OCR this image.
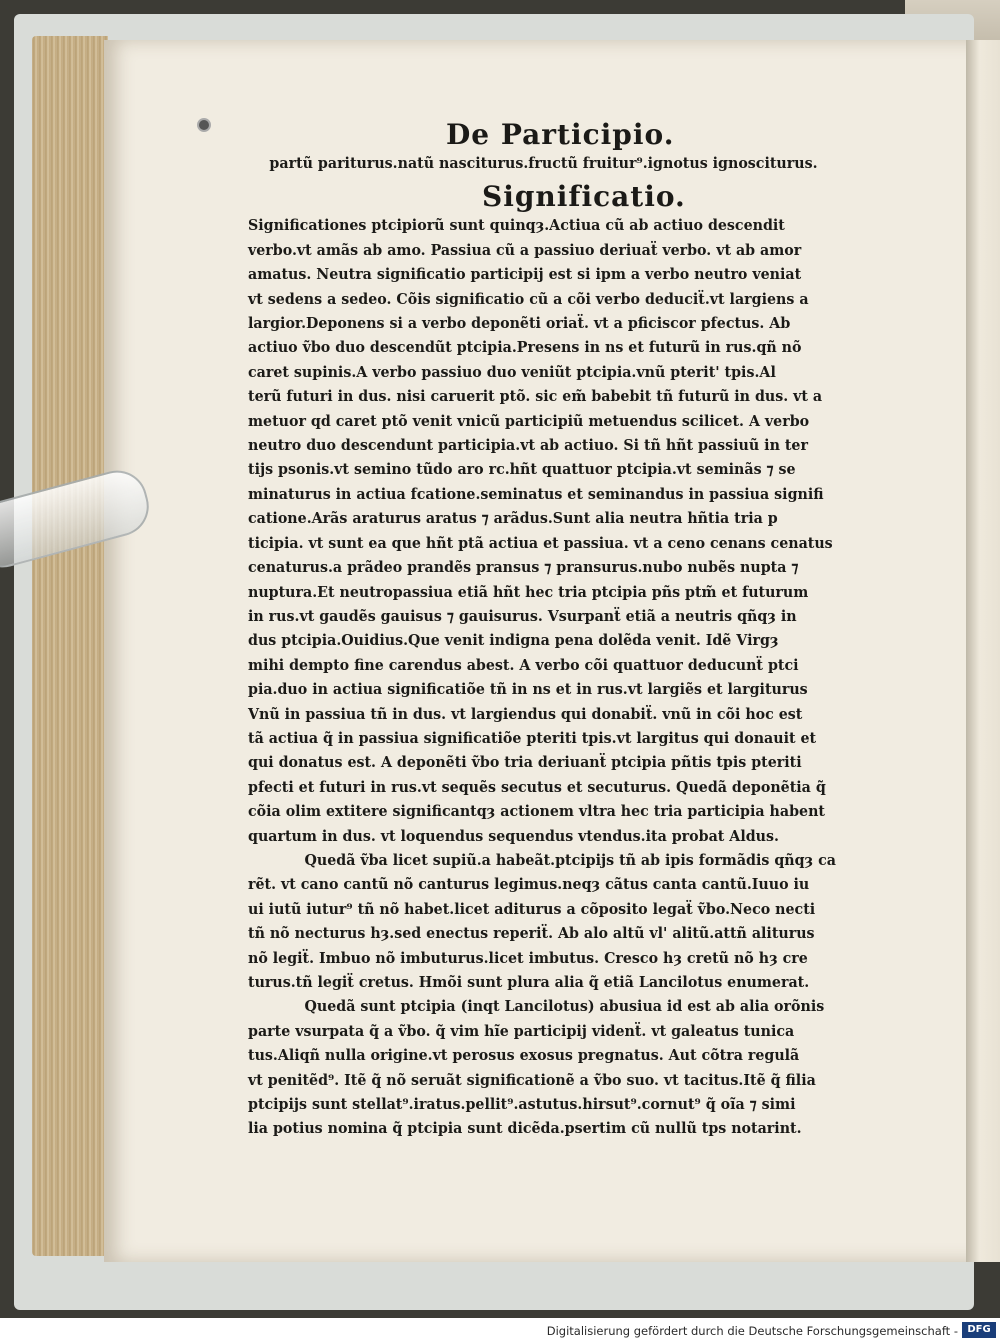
De Participio.
partũ pariturus.natũ nasciturus.fructũ fruitur⁹.ignotus ignosciturus.
Significatio.
Significationes ptcipiorũ sunt quinqȝ.Actiua cũ ab actiuo descendit
verbo.vt amãs ab amo. Passiua cũ a passiuo deriuaẗ verbo. vt ab amor
amatus. Neutra significatio participij est si ipm a verbo neutro veniat
vt sedens a sedeo. Cõis significatio cũ a cõi verbo deduciẗ.vt largiens a
largior.Deponens si a verbo deponẽti oriaẗ. vt a pficiscor pfectus. Ab
actiuo ṽbo duo descendũt ptcipia.Presens in ns et futurũ in rus.qñ nõ
caret supinis.A verbo passiuo duo veniũt ptcipia.vnũ pterit' tpis.Al
terũ futuri in dus. nisi caruerit ptõ. sic em̃ babebit tñ futurũ in dus. vt a
metuor qd caret ptõ venit vnicũ participiũ metuendus scilicet. A verbo
neutro duo descendunt participia.vt ab actiuo. Si tñ hñt passiuũ in ter
tijs psonis.vt semino tũdo aro rc.hñt quattuor ptcipia.vt seminãs ⁊ se
minaturus in actiua fcatione.seminatus et seminandus in passiua signifi
catione.Arãs araturus aratus ⁊ arãdus.Sunt alia neutra hñtia tria p
ticipia. vt sunt ea que hñt ptã actiua et passiua. vt a ceno cenans cenatus
cenaturus.a prãdeo prandẽs pransus ⁊ pransurus.nubo nubẽs nupta ⁊
nuptura.Et neutropassiua etiã hñt hec tria ptcipia pñs ptm̃ et futurum
in rus.vt gaudẽs gauisus ⁊ gauisurus. Vsurpanẗ etiã a neutris qñqȝ in
dus ptcipia.Ouidius.Que venit indigna pena dolẽda venit. Idẽ Virgȝ
mihi dempto fine carendus abest. A verbo cõi quattuor deducunẗ ptci
pia.duo in actiua significatiõe tñ in ns et in rus.vt largiẽs et largiturus
Vnũ in passiua tñ in dus. vt largiendus qui donabiẗ. vnũ in cõi hoc est
tã actiua q̃ in passiua significatiõe pteriti tpis.vt largitus qui donauit et
qui donatus est. A deponẽti ṽbo tria deriuanẗ ptcipia pñtis tpis pteriti
pfecti et futuri in rus.vt sequẽs secutus et secuturus. Quedã deponẽtia q̃
cõia olim extitere significantqȝ actionem vltra hec tria participia habent
quartum in dus. vt loquendus sequendus vtendus.ita probat Aldus.
Quedã ṽba licet supiũ.a habeãt.ptcipijs tñ ab ipis formãdis qñqȝ ca
rẽt. vt cano cantũ nõ canturus legimus.neqȝ cãtus canta cantũ.Iuuo iu
ui iutũ iutur⁹ tñ nõ habet.licet aditurus a cõposito legaẗ ṽbo.Neco necti
tñ nõ necturus hȝ.sed enectus reperiẗ. Ab alo altũ vl' alitũ.attñ aliturus
nõ legiẗ. Imbuo nõ imbuturus.licet imbutus. Cresco hȝ cretũ nõ hȝ cre
turus.tñ legiẗ cretus. Hmõi sunt plura alia q̃ etiã Lancilotus enumerat.
Quedã sunt ptcipia (inqt Lancilotus) abusiua id est ab alia orõnis
parte vsurpata q̃ a ṽbo. q̃ vim hĩe participij videnẗ. vt galeatus tunica
tus.Aliqñ nulla origine.vt perosus exosus pregnatus. Aut cõtra regulã
vt penitẽd⁹. Itẽ q̃ nõ seruãt significationẽ a ṽbo suo. vt tacitus.Itẽ q̃ filia
ptcipijs sunt stellat⁹.iratus.pellit⁹.astutus.hirsut⁹.cornut⁹ q̃ oĩa ⁊ simi
lia potius nomina q̃ ptcipia sunt dicẽda.psertim cũ nullũ tps notarint.
Digitalisierung gefördert durch die Deutsche Forschungsgemeinschaft - DFG
